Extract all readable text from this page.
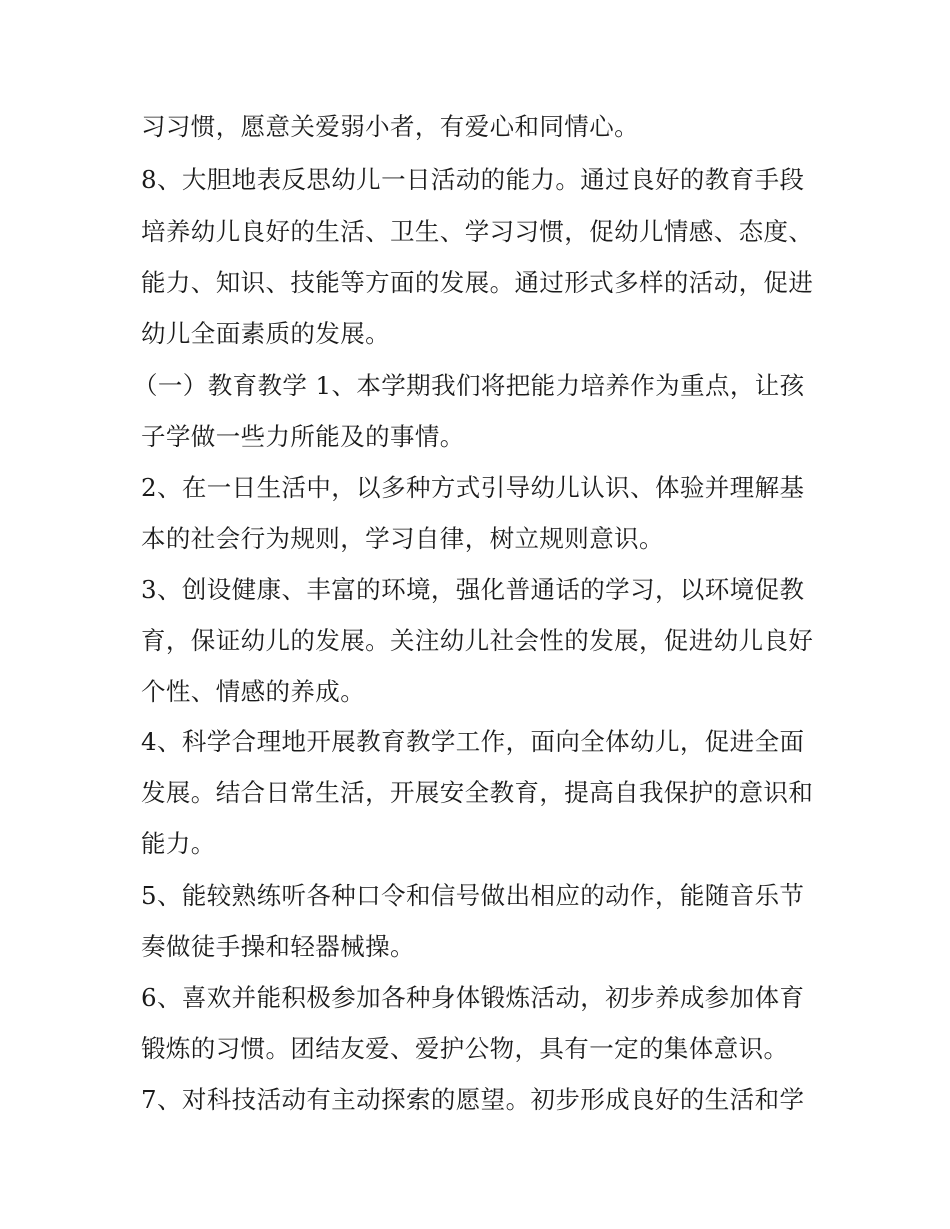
习习惯，愿意关爱弱小者，有爱心和同情心。
8、大胆地表反思幼儿一日活动的能力。通过良好的教育手段
培养幼儿良好的生活、卫生、学习习惯，促幼儿情感、态度、
能力、知识、技能等方面的发展。通过形式多样的活动，促进
幼儿全面素质的发展。
（一）教育教学 1、本学期我们将把能力培养作为重点，让孩
子学做一些力所能及的事情。
2、在一日生活中，以多种方式引导幼儿认识、体验并理解基
本的社会行为规则，学习自律，树立规则意识。
3、创设健康、丰富的环境，强化普通话的学习，以环境促教
育，保证幼儿的发展。关注幼儿社会性的发展，促进幼儿良好
个性、情感的养成。
4、科学合理地开展教育教学工作，面向全体幼儿，促进全面
发展。结合日常生活，开展安全教育，提高自我保护的意识和
能力。
5、能较熟练听各种口令和信号做出相应的动作，能随音乐节
奏做徒手操和轻器械操。
6、喜欢并能积极参加各种身体锻炼活动，初步养成参加体育
锻炼的习惯。团结友爱、爱护公物，具有一定的集体意识。
7、对科技活动有主动探索的愿望。初步形成良好的生活和学
